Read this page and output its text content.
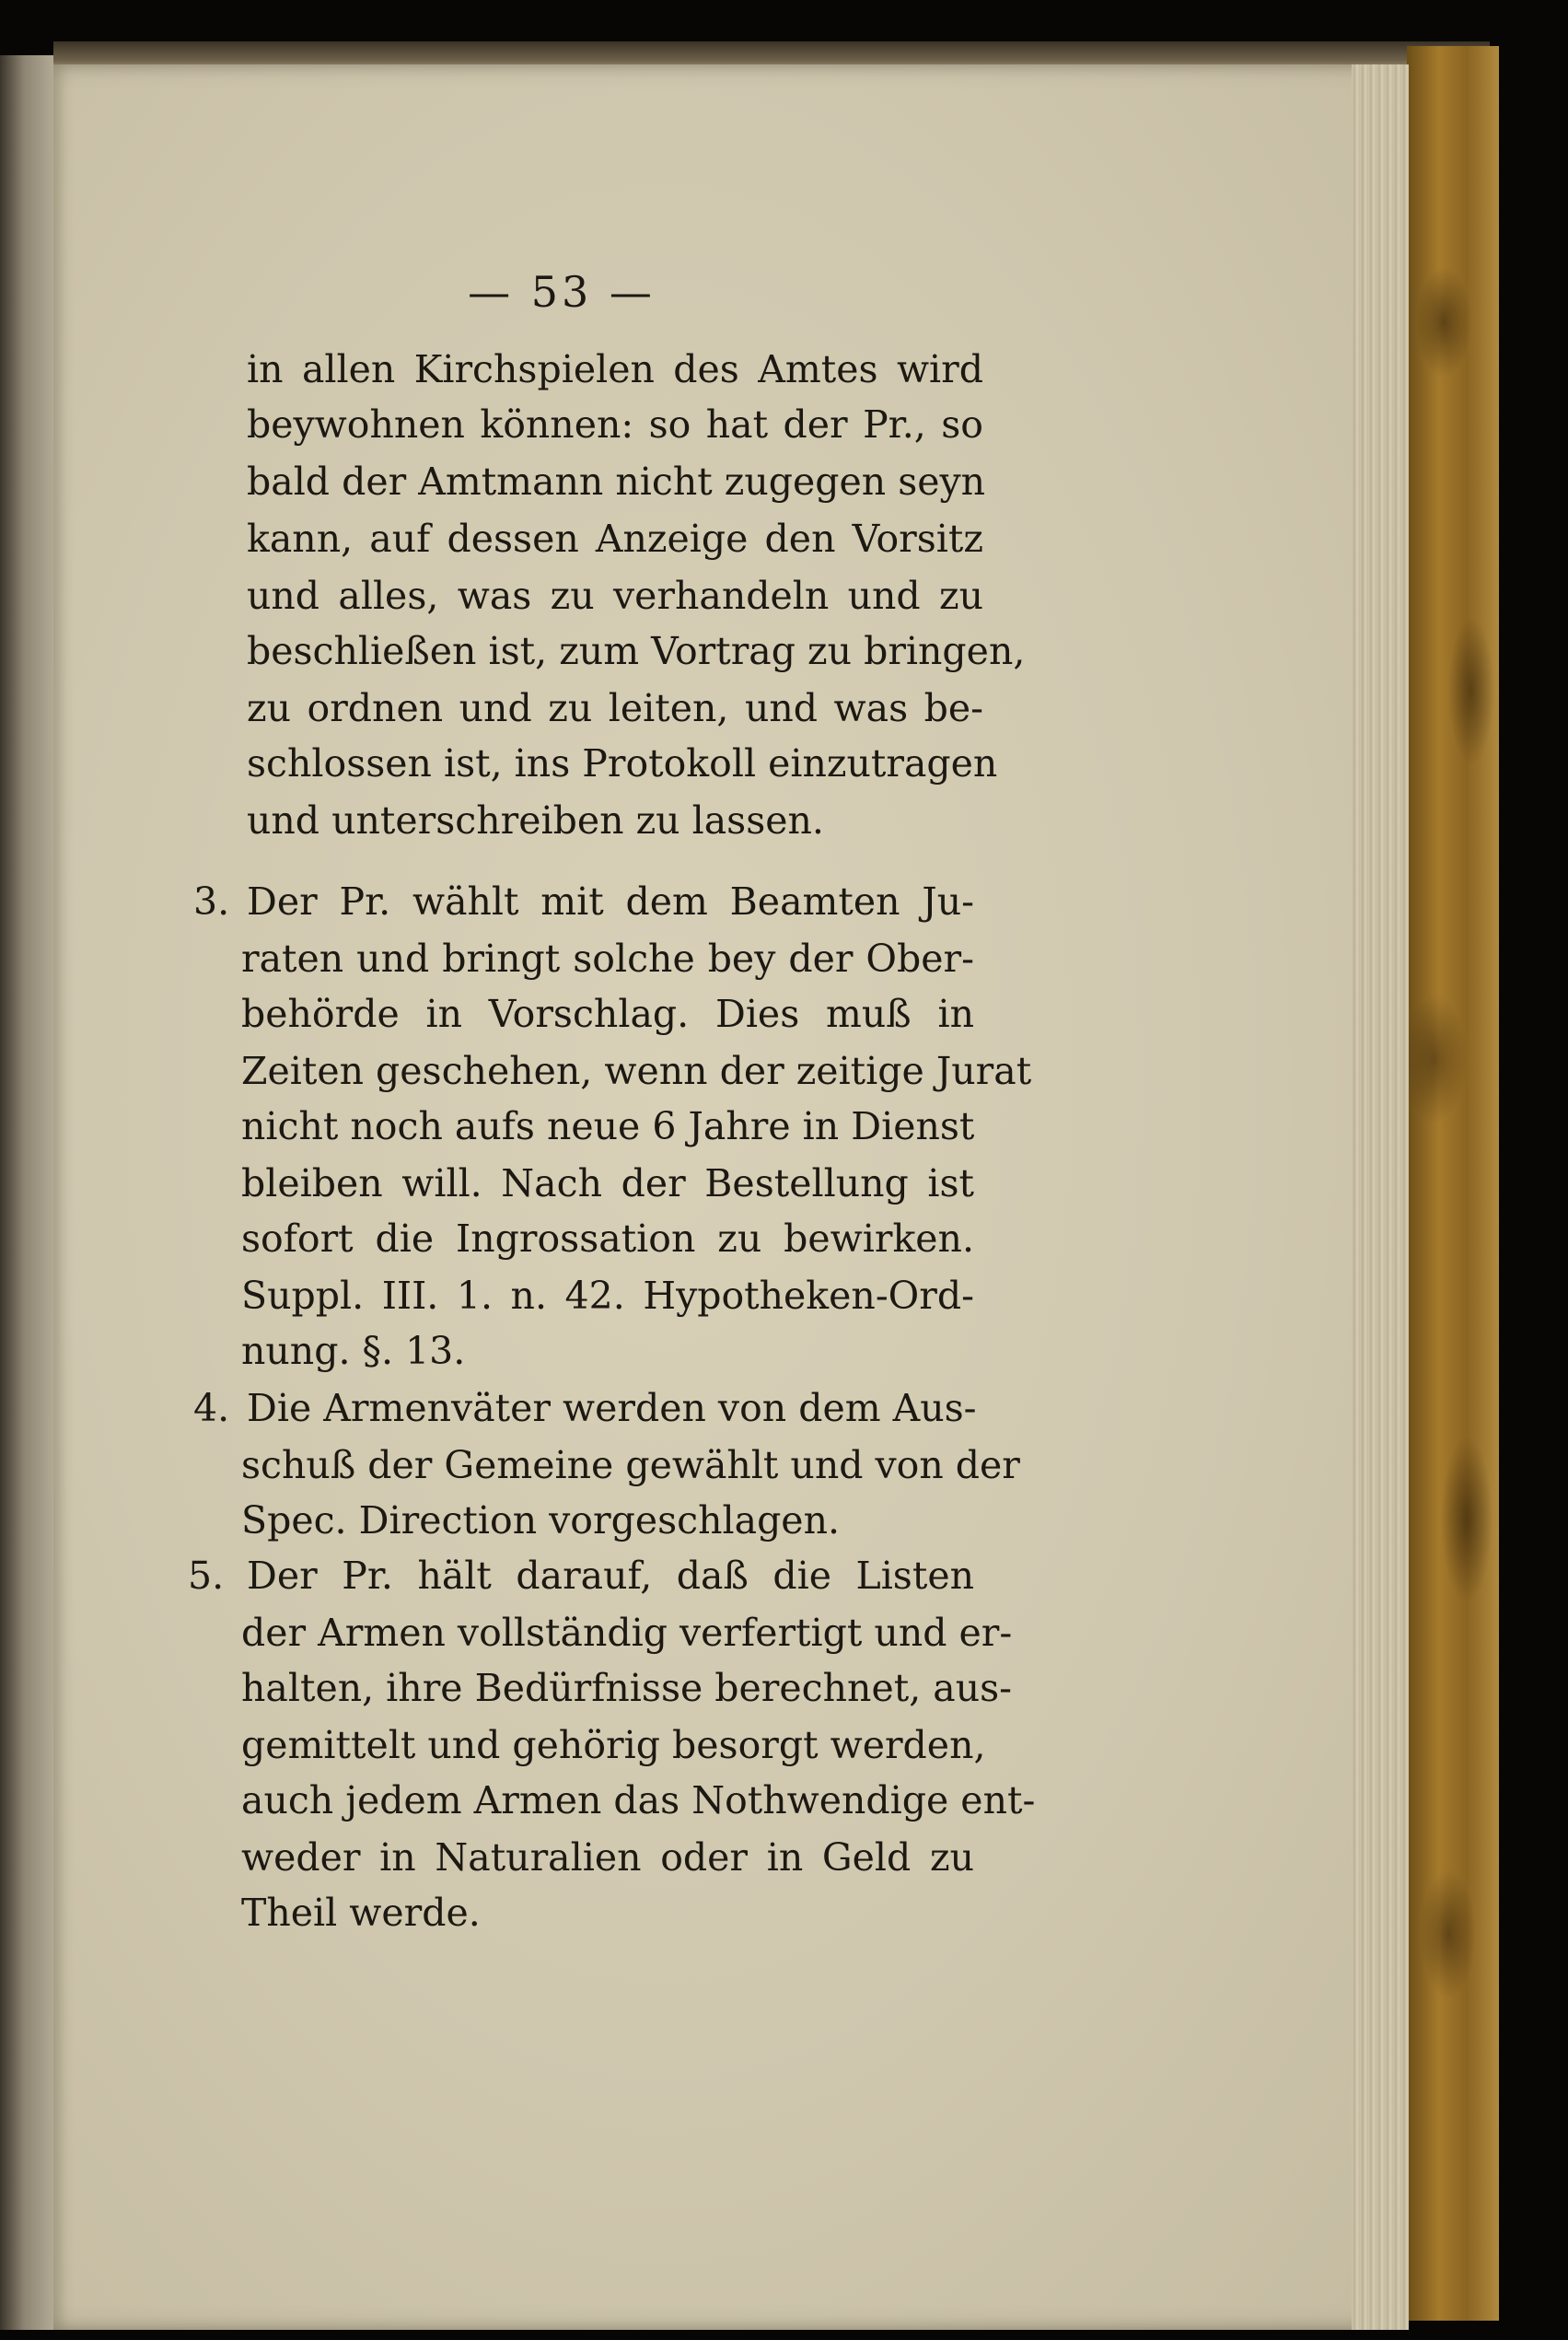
— 53 —
in allen Kirchspielen des Amtes wird
beywohnen können: so hat der Pr., so
bald der Amtmann nicht zugegen seyn
kann, auf dessen Anzeige den Vorsitz
und alles, was zu verhandeln und zu
beschließen ist, zum Vortrag zu bringen,
zu ordnen und zu leiten, und was be-
schlossen ist, ins Protokoll einzutragen
und unterschreiben zu lassen.
3. Der Pr. wählt mit dem Beamten Ju-
raten und bringt solche bey der Ober-
behörde in Vorschlag. Dies muß in
Zeiten geschehen, wenn der zeitige Jurat
nicht noch aufs neue 6 Jahre in Dienst
bleiben will. Nach der Bestellung ist
sofort die Ingrossation zu bewirken.
Suppl. III. 1. n. 42. Hypotheken-Ord-
nung. §. 13.
4. Die Armenväter werden von dem Aus-
schuß der Gemeine gewählt und von der
Spec. Direction vorgeschlagen.
5. Der Pr. hält darauf, daß die Listen
der Armen vollständig verfertigt und er-
halten, ihre Bedürfnisse berechnet, aus-
gemittelt und gehörig besorgt werden,
auch jedem Armen das Nothwendige ent-
weder in Naturalien oder in Geld zu
Theil werde.
